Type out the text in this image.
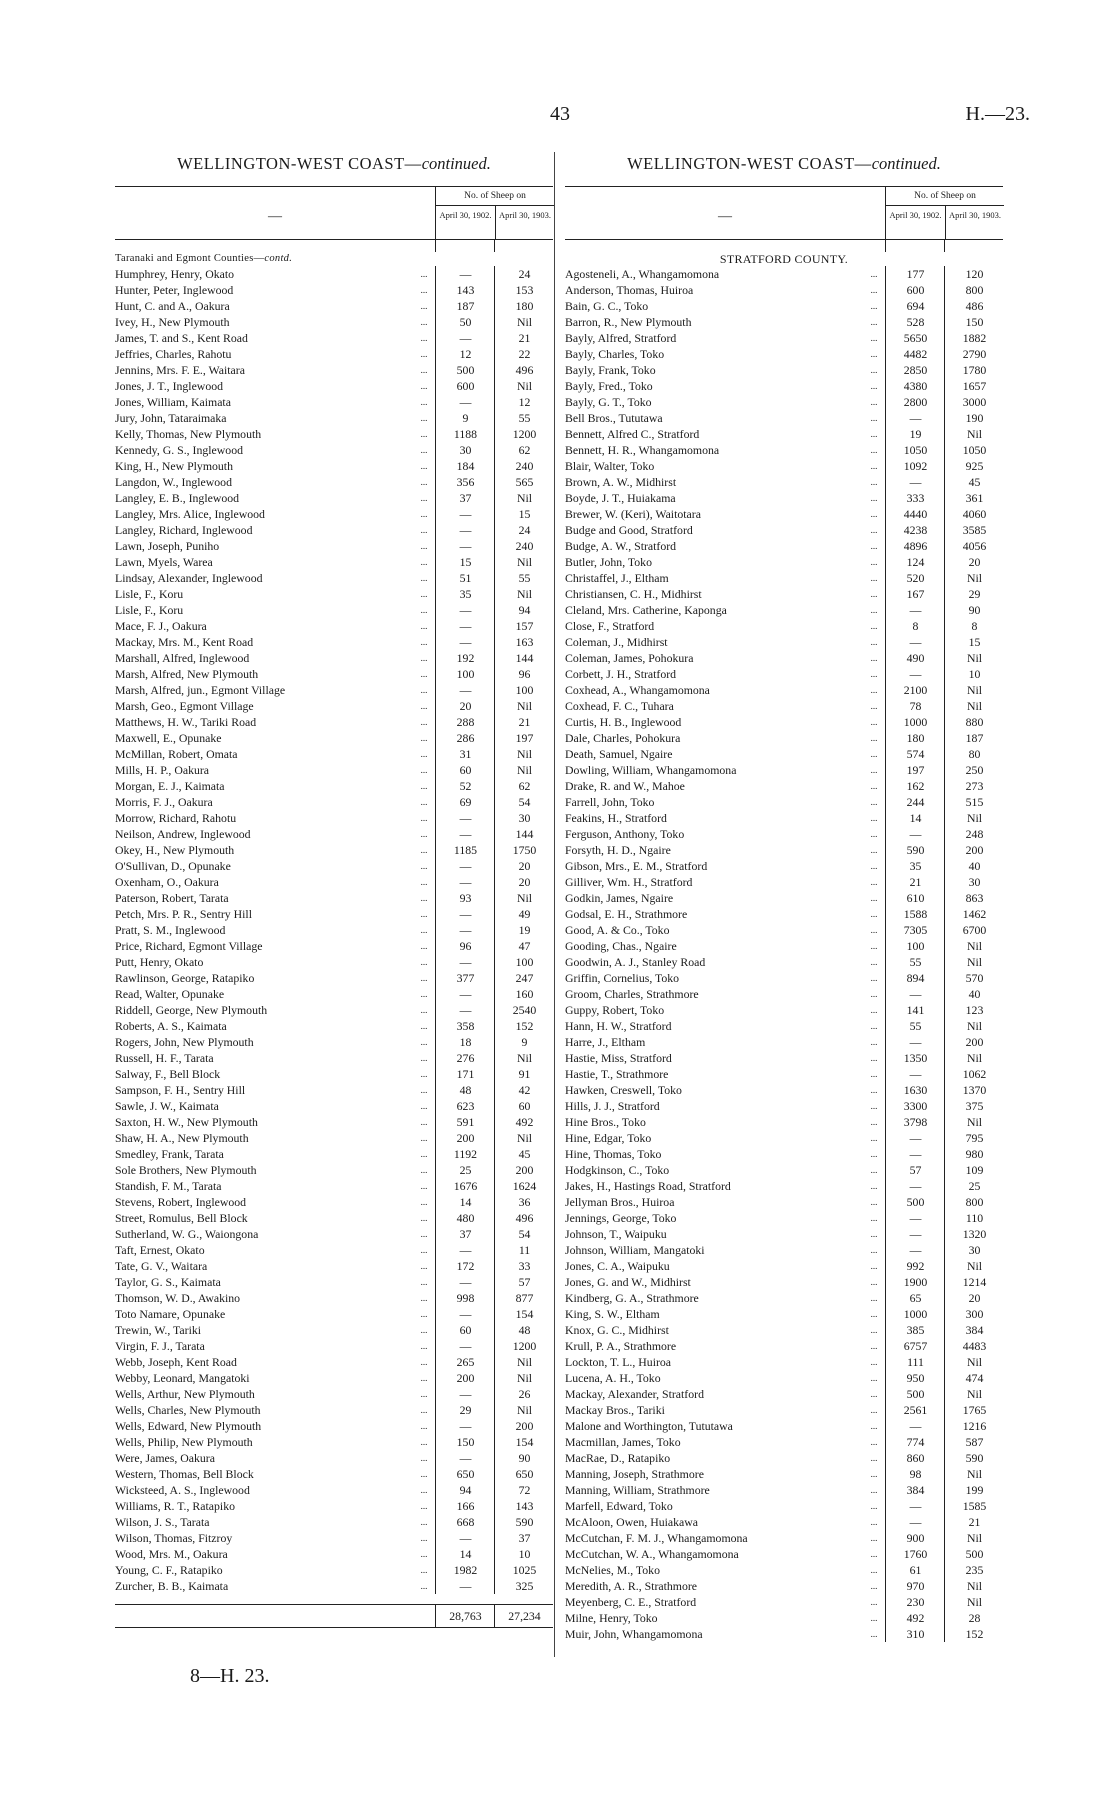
43	H.—23.
WELLINGTON-WEST COAST—continued.
—
No. of Sheep on
April 30, 1902. April 30, 1903.
Taranaki and Egmont Counties—contd.
Humphrey, Henry, Okato	—	24
...
Hunter, Peter, Inglewood	143	153
...
Hunt, C. and A., Oakura	187	180
...
Ivey, H., New Plymouth	50	Nil
...
James, T. and S., Kent Road	—	21
...
Jeffries, Charles, Rahotu	12	22
...
Jennins, Mrs. F. E., Waitara	500	496
...
Jones, J. T., Inglewood	600	Nil
...
Jones, William, Kaimata	—	12
...
Jury, John, Tataraimaka	9	55
...
Kelly, Thomas, New Plymouth	1188	1200
...
Kennedy, G. S., Inglewood	30	62
...
King, H., New Plymouth	184	240
...
Langdon, W., Inglewood	356	565
...
Langley, E. B., Inglewood	37	Nil
...
Langley, Mrs. Alice, Inglewood	—	15
...
Langley, Richard, Inglewood	—	24
...
Lawn, Joseph, Puniho	—	240
...
Lawn, Myels, Warea	15	Nil
...
Lindsay, Alexander, Inglewood	51	55
...
Lisle, F., Koru	35	Nil
...
Lisle, F., Koru	—	94
...
Mace, F. J., Oakura	—	157
...
Mackay, Mrs. M., Kent Road	—	163
...
Marshall, Alfred, Inglewood	192	144
...
Marsh, Alfred, New Plymouth	100	96
...
Marsh, Alfred, jun., Egmont Village	—	100
...
Marsh, Geo., Egmont Village	20	Nil
...
Matthews, H. W., Tariki Road	288	21
...
Maxwell, E., Opunake	286	197
...
McMillan, Robert, Omata	31	Nil
...
Mills, H. P., Oakura	60	Nil
...
Morgan, E. J., Kaimata	52	62
...
Morris, F. J., Oakura	69	54
...
Morrow, Richard, Rahotu	—	30
...
Neilson, Andrew, Inglewood	—	144
...
Okey, H., New Plymouth	1185	1750
...
O'Sullivan, D., Opunake	—	20
...
Oxenham, O., Oakura	—	20
...
Paterson, Robert, Tarata	93	Nil
...
Petch, Mrs. P. R., Sentry Hill	—	49
...
Pratt, S. M., Inglewood	—	19
...
Price, Richard, Egmont Village	96	47
...
Putt, Henry, Okato	—	100
...
Rawlinson, George, Ratapiko	377	247
...
Read, Walter, Opunake	—	160
...
Riddell, George, New Plymouth	—	2540
...
Roberts, A. S., Kaimata	358	152
...
Rogers, John, New Plymouth	18	9
...
Russell, H. F., Tarata	276	Nil
...
Salway, F., Bell Block	171	91
...
Sampson, F. H., Sentry Hill	48	42
...
Sawle, J. W., Kaimata	623	60
...
Saxton, H. W., New Plymouth	591	492
...
Shaw, H. A., New Plymouth	200	Nil
...
Smedley, Frank, Tarata	1192	45
...
Sole Brothers, New Plymouth	25	200
...
Standish, F. M., Tarata	1676	1624
...
Stevens, Robert, Inglewood	14	36
...
Street, Romulus, Bell Block	480	496
...
Sutherland, W. G., Waiongona	37	54
...
Taft, Ernest, Okato	—	11
...
Tate, G. V., Waitara	172	33
...
Taylor, G. S., Kaimata	—	57
...
Thomson, W. D., Awakino	998	877
...
Toto Namare, Opunake	—	154
...
Trewin, W., Tariki	60	48
...
Virgin, F. J., Tarata	—	1200
...
Webb, Joseph, Kent Road	265	Nil
...
Webby, Leonard, Mangatoki	200	Nil
...
Wells, Arthur, New Plymouth	—	26
...
Wells, Charles, New Plymouth	29	Nil
...
Wells, Edward, New Plymouth	—	200
...
Wells, Philip, New Plymouth	150	154
...
Were, James, Oakura	—	90
...
Western, Thomas, Bell Block	650	650
...
Wicksteed, A. S., Inglewood	94	72
...
Williams, R. T., Ratapiko	166	143
...
Wilson, J. S., Tarata	668	590
...
Wilson, Thomas, Fitzroy	—	37
...
Wood, Mrs. M., Oakura	14	10
...
Young, C. F., Ratapiko	1982	1025
...
Zurcher, B. B., Kaimata	—	325
...
28,763	27,234
WELLINGTON-WEST COAST—continued.
—
No. of Sheep on
April 30, 1902. April 30, 1903.
STRATFORD COUNTY.
Agosteneli, A., Whangamomona	177	120
...
Anderson, Thomas, Huiroa	600	800
...
Bain, G. C., Toko	694	486
...
Barron, R., New Plymouth	528	150
...
Bayly, Alfred, Stratford	5650	1882
...
Bayly, Charles, Toko	4482	2790
...
Bayly, Frank, Toko	2850	1780
...
Bayly, Fred., Toko	4380	1657
...
Bayly, G. T., Toko	2800	3000
...
Bell Bros., Tututawa	—	190
...
Bennett, Alfred C., Stratford	19	Nil
...
Bennett, H. R., Whangamomona	1050	1050
...
Blair, Walter, Toko	1092	925
...
Brown, A. W., Midhirst	—	45
...
Boyde, J. T., Huiakama	333	361
...
Brewer, W. (Keri), Waitotara	4440	4060
...
Budge and Good, Stratford	4238	3585
...
Budge, A. W., Stratford	4896	4056
...
Butler, John, Toko	124	20
...
Christaffel, J., Eltham	520	Nil
...
Christiansen, C. H., Midhirst	167	29
...
Cleland, Mrs. Catherine, Kaponga	—	90
...
Close, F., Stratford	8	8
...
Coleman, J., Midhirst	—	15
...
Coleman, James, Pohokura	490	Nil
...
Corbett, J. H., Stratford	—	10
...
Coxhead, A., Whangamomona	2100	Nil
...
Coxhead, F. C., Tuhara	78	Nil
...
Curtis, H. B., Inglewood	1000	880
...
Dale, Charles, Pohokura	180	187
...
Death, Samuel, Ngaire	574	80
...
Dowling, William, Whangamomona	197	250
...
Drake, R. and W., Mahoe	162	273
...
Farrell, John, Toko	244	515
...
Feakins, H., Stratford	14	Nil
...
Ferguson, Anthony, Toko	—	248
...
Forsyth, H. D., Ngaire	590	200
...
Gibson, Mrs., E. M., Stratford	35	40
...
Gilliver, Wm. H., Stratford	21	30
...
Godkin, James, Ngaire	610	863
...
Godsal, E. H., Strathmore	1588	1462
...
Good, A. & Co., Toko	7305	6700
...
Gooding, Chas., Ngaire	100	Nil
...
Goodwin, A. J., Stanley Road	55	Nil
...
Griffin, Cornelius, Toko	894	570
...
Groom, Charles, Strathmore	—	40
...
Guppy, Robert, Toko	141	123
...
Hann, H. W., Stratford	55	Nil
...
Harre, J., Eltham	—	200
...
Hastie, Miss, Stratford	1350	Nil
...
Hastie, T., Strathmore	—	1062
...
Hawken, Creswell, Toko	1630	1370
...
Hills, J. J., Stratford	3300	375
...
Hine Bros., Toko	3798	Nil
...
Hine, Edgar, Toko	—	795
...
Hine, Thomas, Toko	—	980
...
Hodgkinson, C., Toko	57	109
...
Jakes, H., Hastings Road, Stratford	—	25
...
Jellyman Bros., Huiroa	500	800
...
Jennings, George, Toko	—	110
...
Johnson, T., Waipuku	—	1320
...
Johnson, William, Mangatoki	—	30
...
Jones, C. A., Waipuku	992	Nil
...
Jones, G. and W., Midhirst	1900	1214
...
Kindberg, G. A., Strathmore	65	20
...
King, S. W., Eltham	1000	300
...
Knox, G. C., Midhirst	385	384
...
Krull, P. A., Strathmore	6757	4483
...
Lockton, T. L., Huiroa	111	Nil
...
Lucena, A. H., Toko	950	474
...
Mackay, Alexander, Stratford	500	Nil
...
Mackay Bros., Tariki	2561	1765
...
Malone and Worthington, Tututawa	—	1216
...
Macmillan, James, Toko	774	587
...
MacRae, D., Ratapiko	860	590
...
Manning, Joseph, Strathmore	98	Nil
...
Manning, William, Strathmore	384	199
...
Marfell, Edward, Toko	—	1585
...
McAloon, Owen, Huiakawa	—	21
...
McCutchan, F. M. J., Whangamomona	900	Nil
...
McCutchan, W. A., Whangamomona	1760	500
...
McNelies, M., Toko	61	235
...
Meredith, A. R., Strathmore	970	Nil
...
Meyenberg, C. E., Stratford	230	Nil
...
Milne, Henry, Toko	492	28
...
Muir, John, Whangamomona	310	152
...
8—H. 23.
